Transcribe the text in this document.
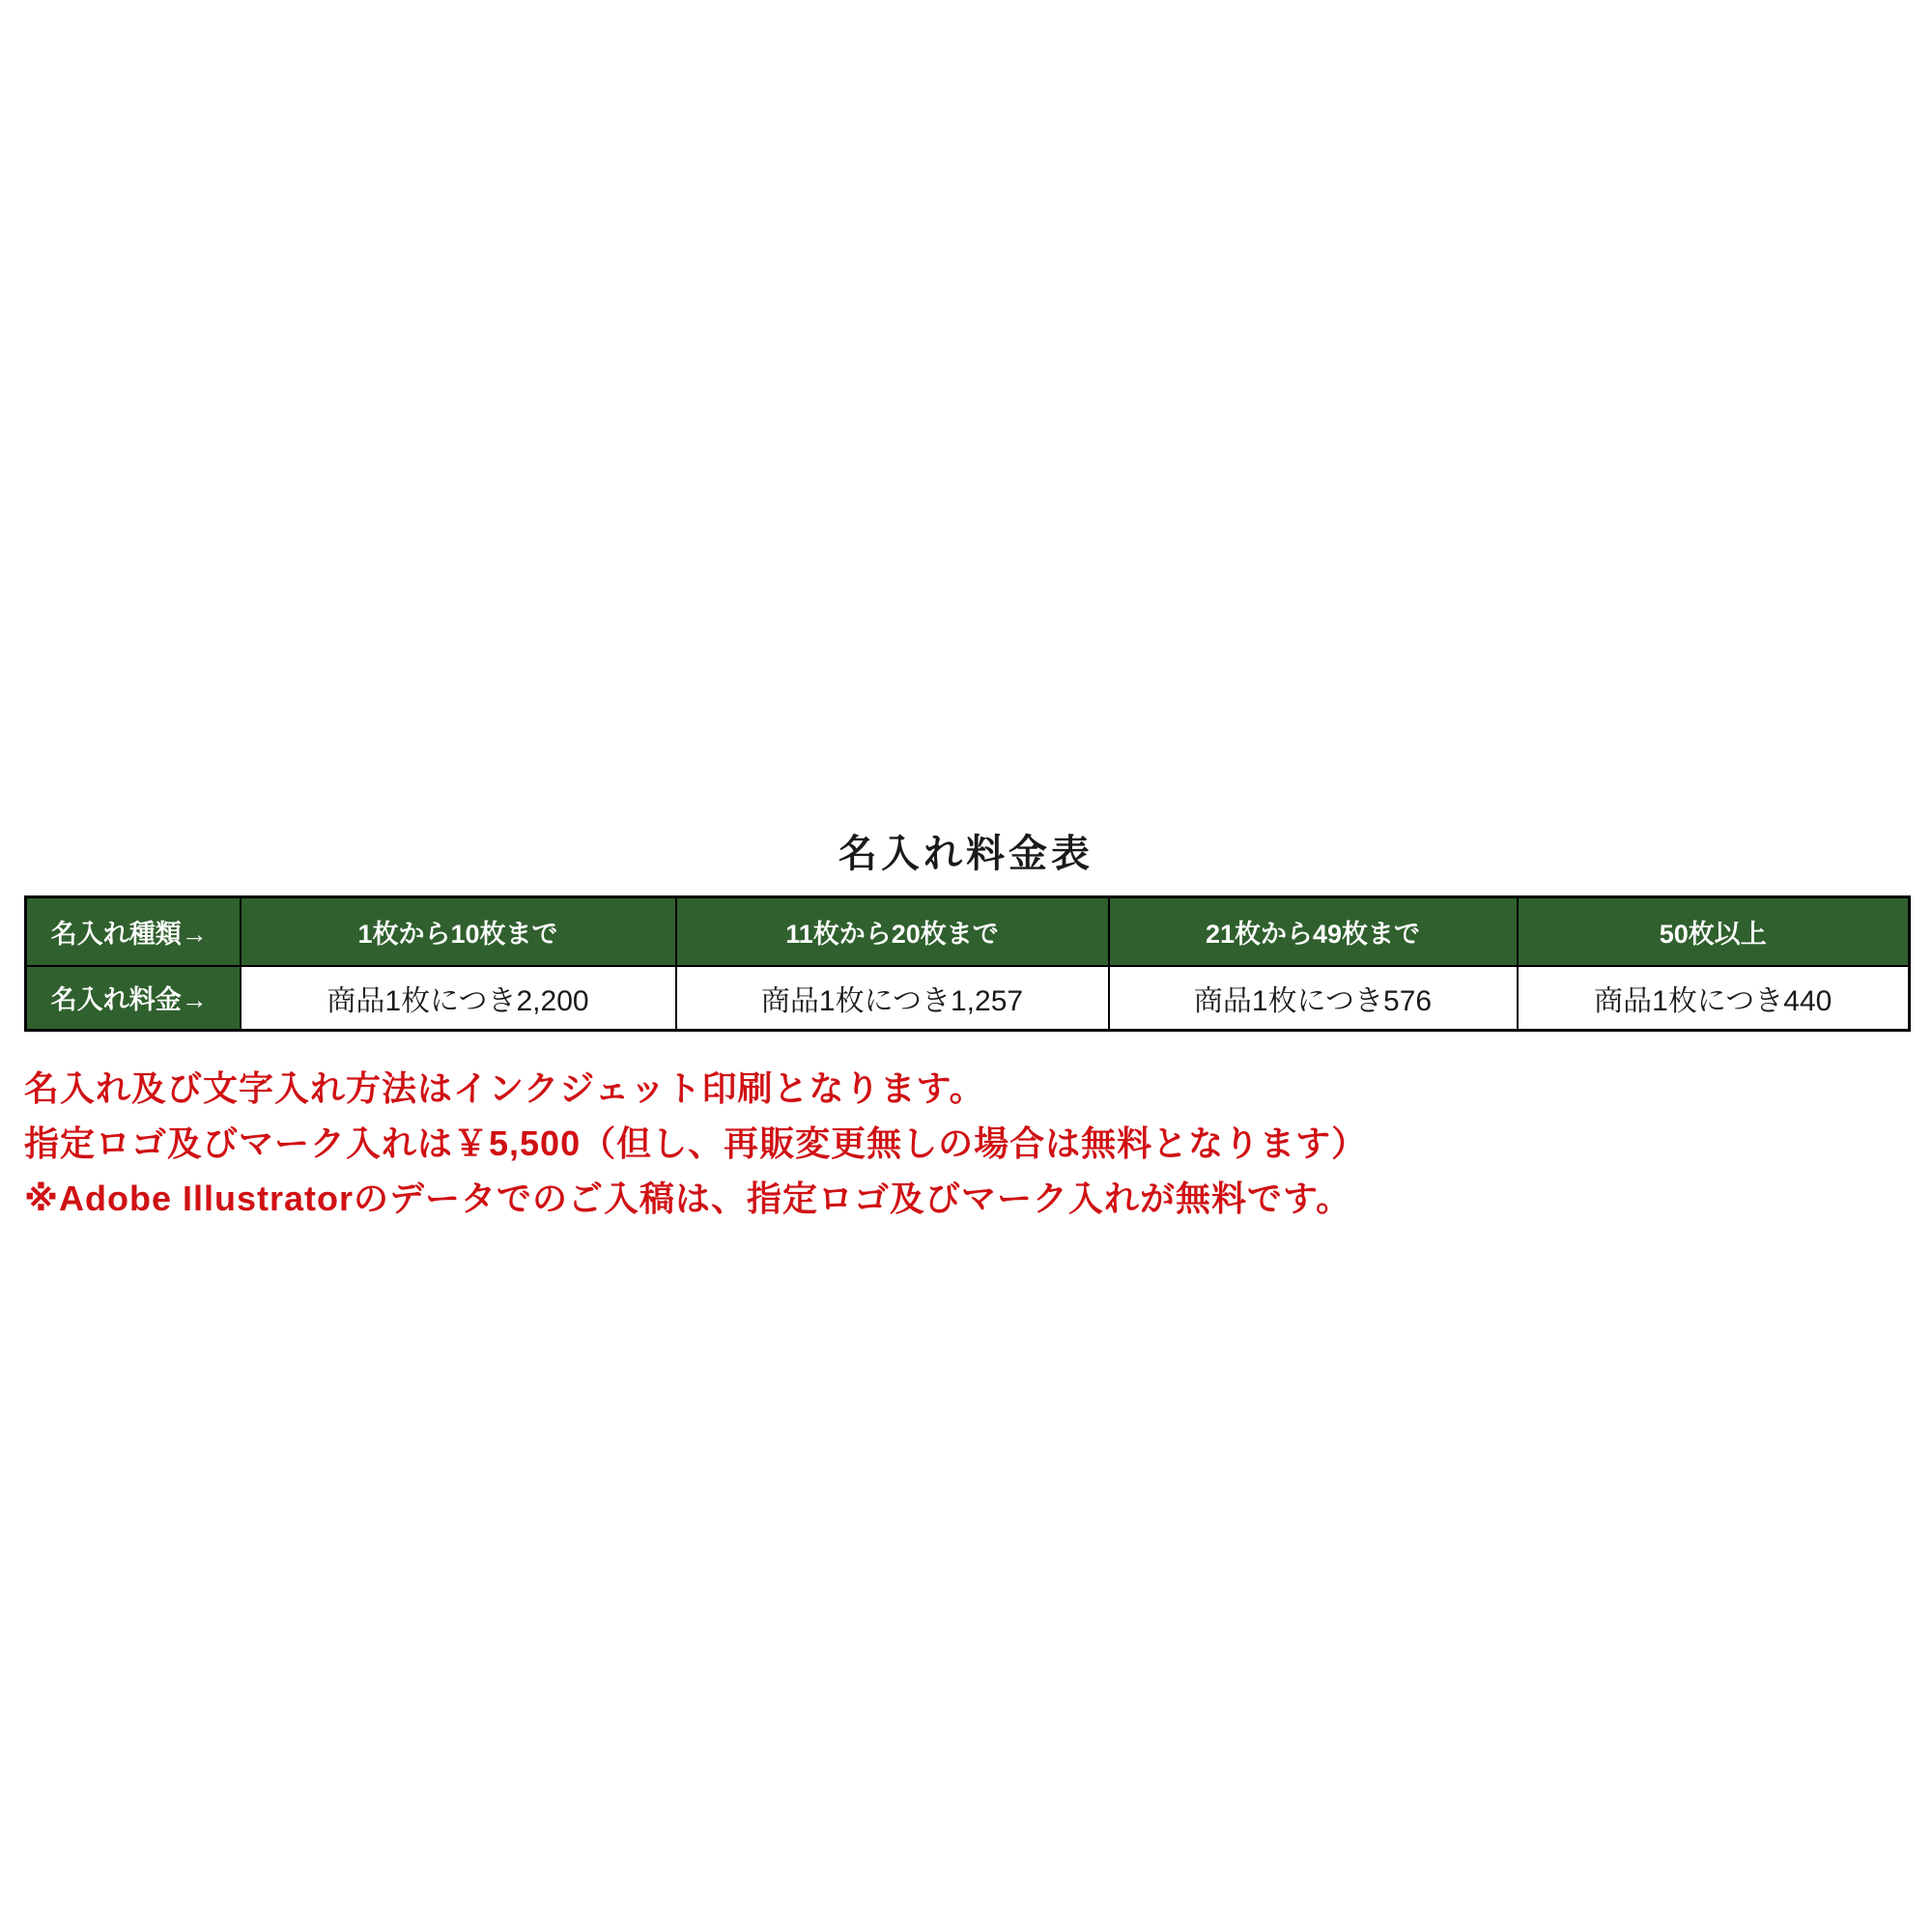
名入れ料金表
名入れ種類→	1枚から10枚まで	11枚から20枚まで	21枚から49枚まで	50枚以上
名入れ料金→	商品1枚につき2,200	商品1枚につき1,257	商品1枚につき576	商品1枚につき440

名入れ及び文字入れ方法はインクジェット印刷となります。

指定ロゴ及びマーク入れは￥5,500（但し、再販変更無しの場合は無料となります）

※Adobe Illustratorのデータでのご入稿は、指定ロゴ及びマーク入れが無料です。
